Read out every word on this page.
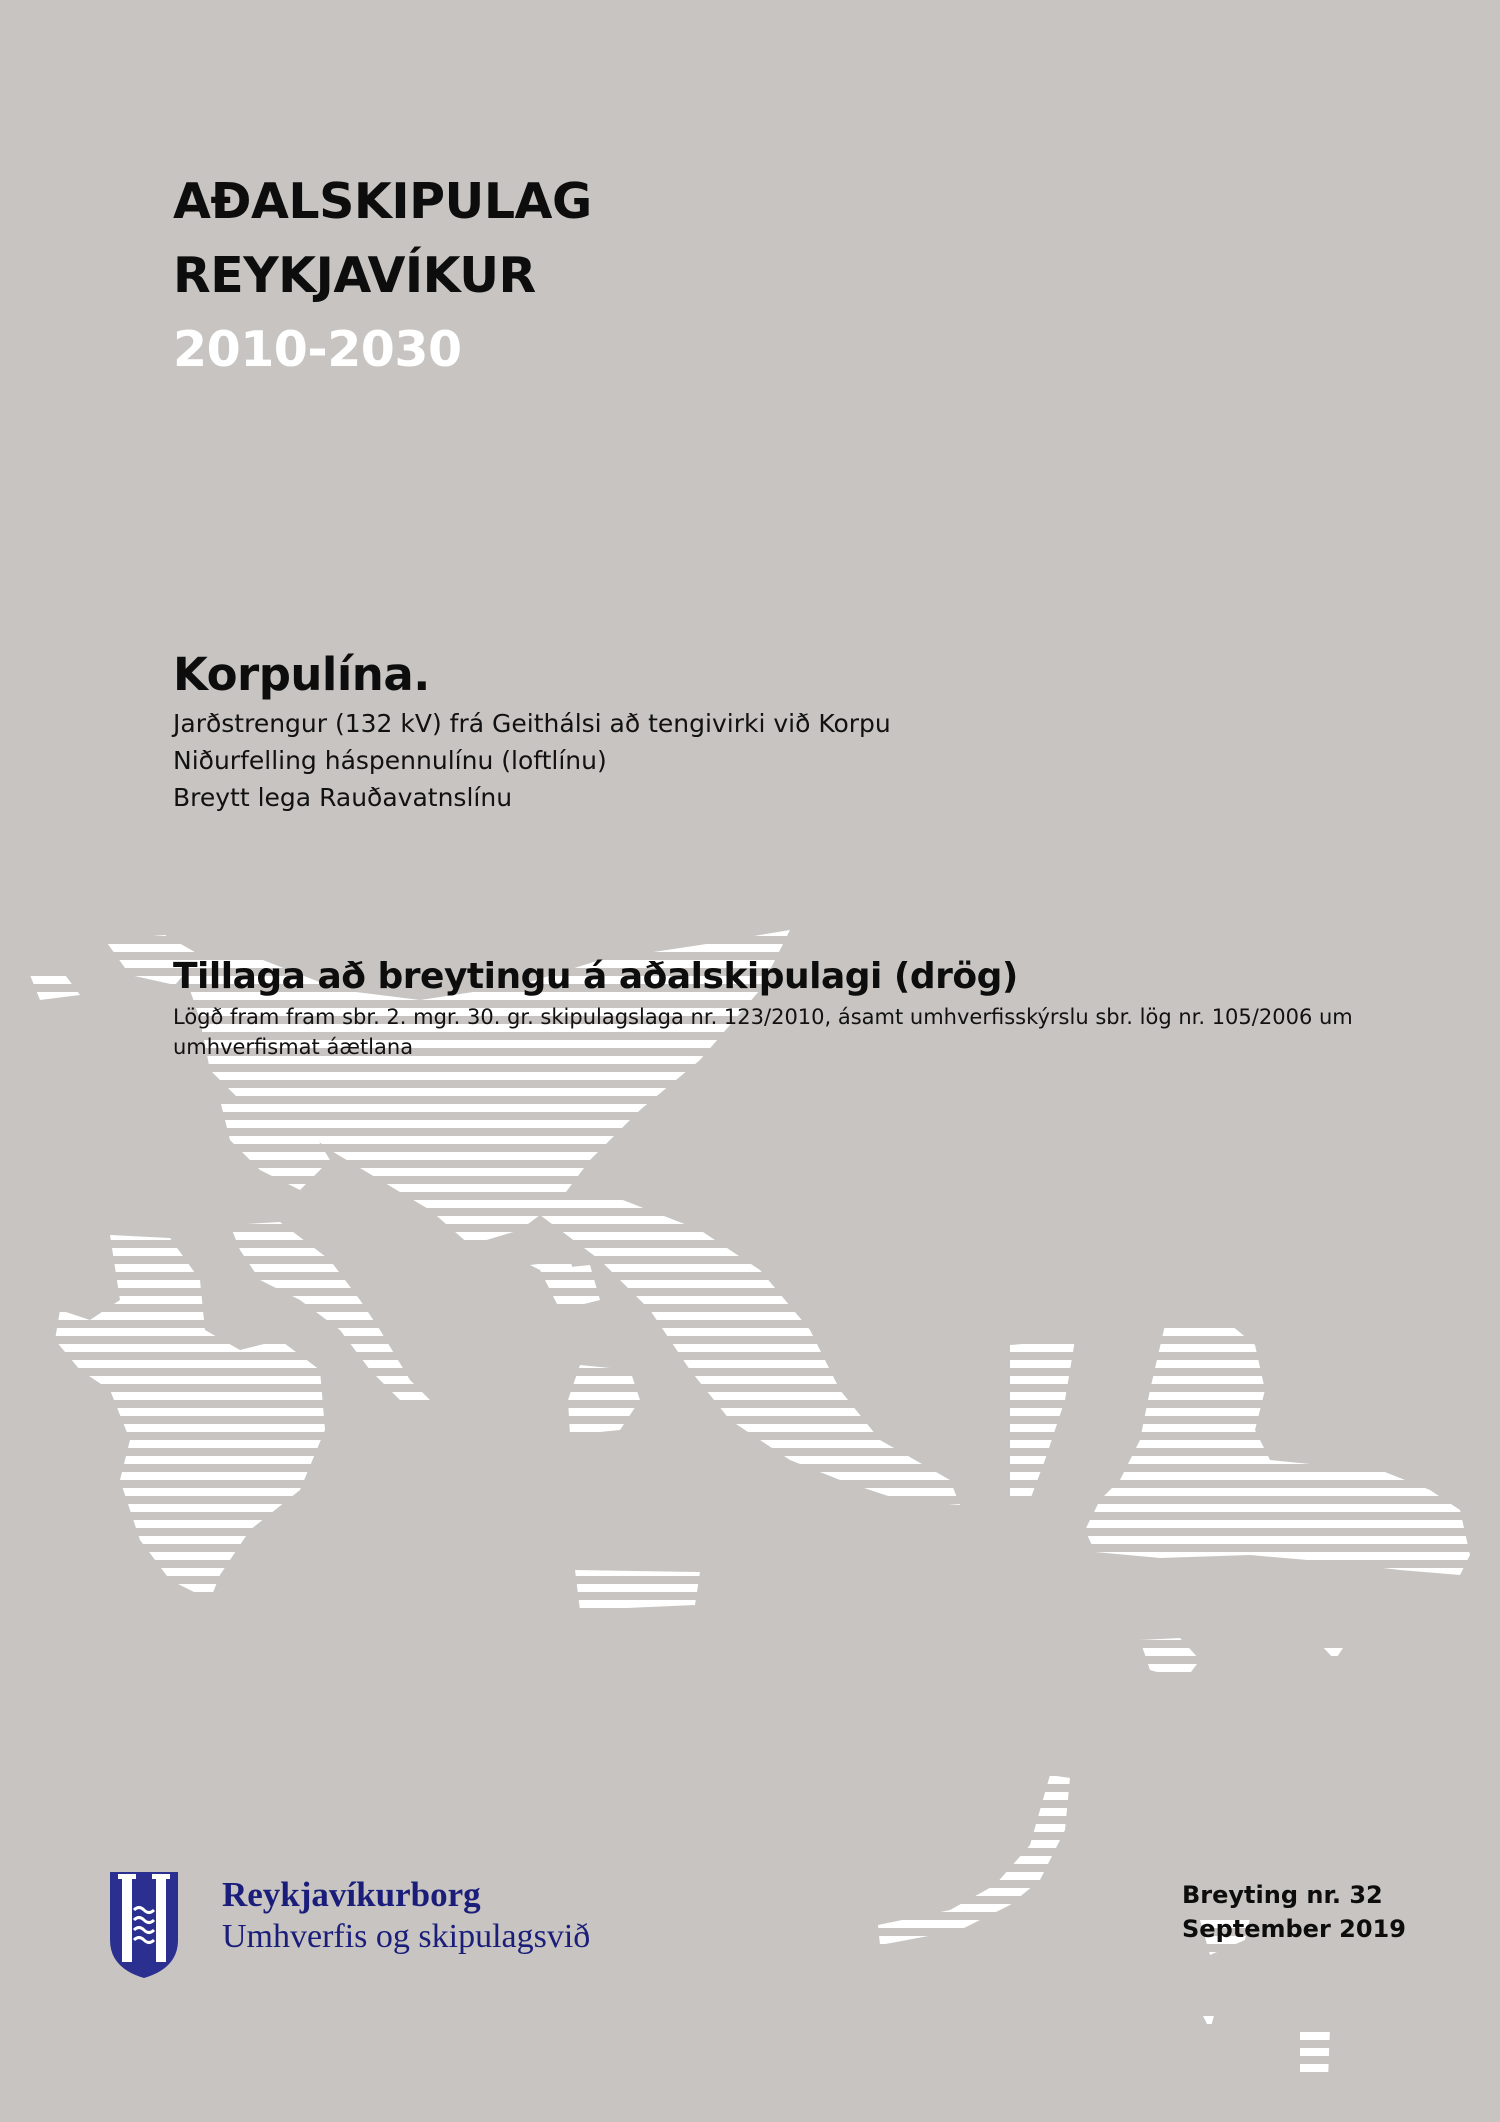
AÐALSKIPULAG
REYKJAVÍKUR
2010-2030
Korpulína.
Jarðstrengur (132 kV) frá Geithálsi að tengivirki við Korpu
Niðurfelling háspennulínu (loftlínu)
Breytt lega Rauðavatnslínu
Tillaga að breytingu á aðalskipulagi (drög)
Lögð fram fram sbr. 2. mgr. 30. gr. skipulagslaga nr. 123/2010, ásamt umhverfisskýrslu sbr. lög nr. 105/2006 um umhverfismat áætlana
Reykjavíkurborg
Umhverfis og skipulagsvið
Breyting nr. 32
September 2019
